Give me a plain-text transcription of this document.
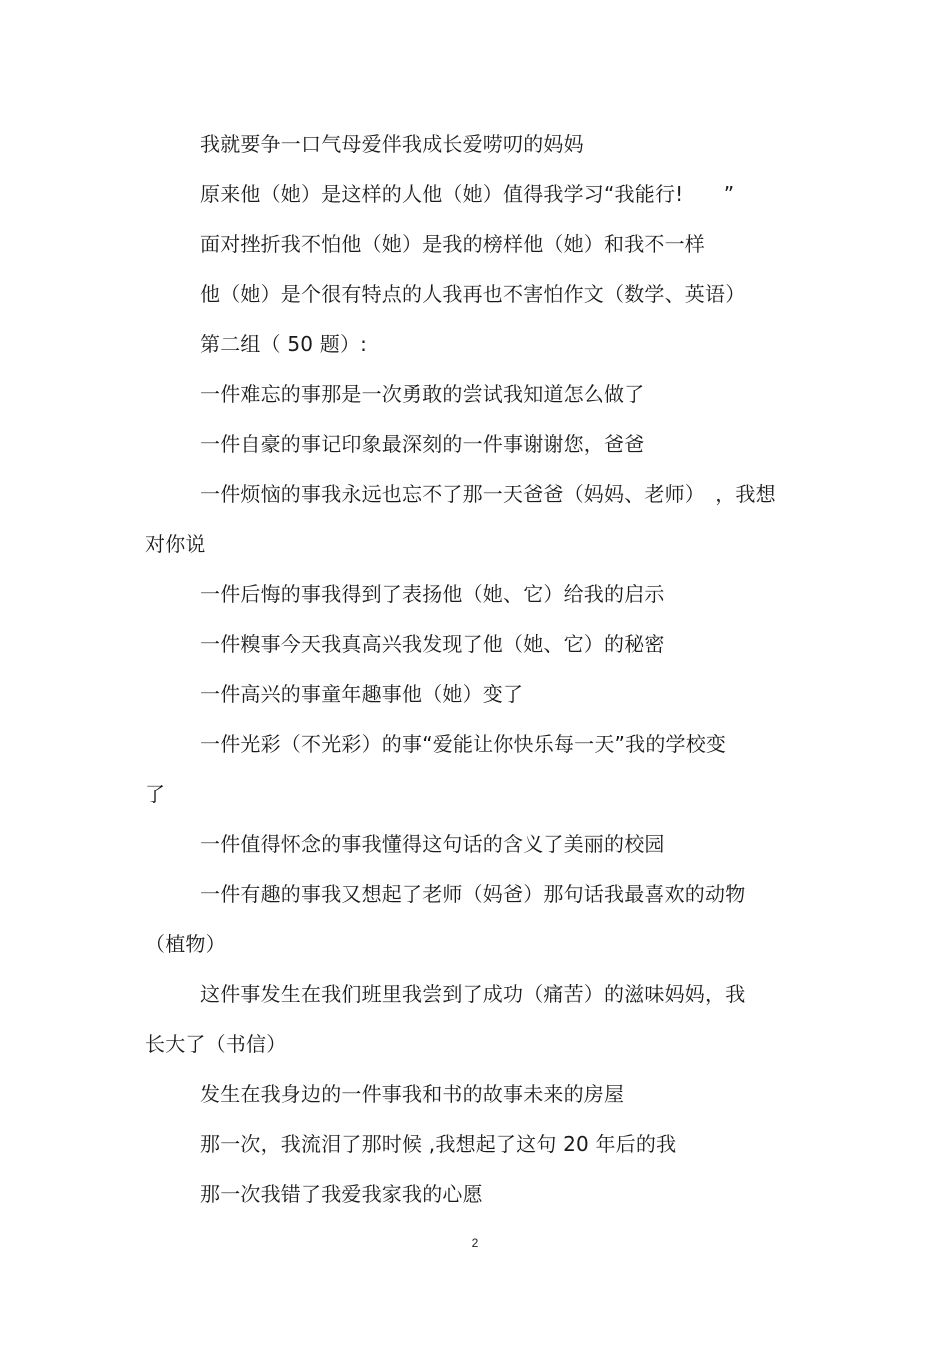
我就要争一口气母爱伴我成长爱唠叨的妈妈
原来他（她）是这样的人他（她）值得我学习“我能行!　　”
面对挫折我不怕他（她）是我的榜样他（她）和我不一样
他（她）是个很有特点的人我再也不害怕作文（数学、英语）
第二组（ 50 题）:
一件难忘的事那是一次勇敢的尝试我知道怎么做了
一件自豪的事记印象最深刻的一件事谢谢您，爸爸
一件烦恼的事我永远也忘不了那一天爸爸（妈妈、老师）　，我想
对你说
一件后悔的事我得到了表扬他（她、它）给我的启示
一件糗事今天我真高兴我发现了他（她、它）的秘密
一件高兴的事童年趣事他（她）变了
一件光彩（不光彩）的事“爱能让你快乐每一天”我的学校变
了
一件值得怀念的事我懂得这句话的含义了美丽的校园
一件有趣的事我又想起了老师（妈爸）那句话我最喜欢的动物
（植物）
这件事发生在我们班里我尝到了成功（痛苦）的滋味妈妈，我
长大了（书信）
发生在我身边的一件事我和书的故事未来的房屋
那一次，我流泪了那时候 ,我想起了这句 20 年后的我
那一次我错了我爱我家我的心愿
2
